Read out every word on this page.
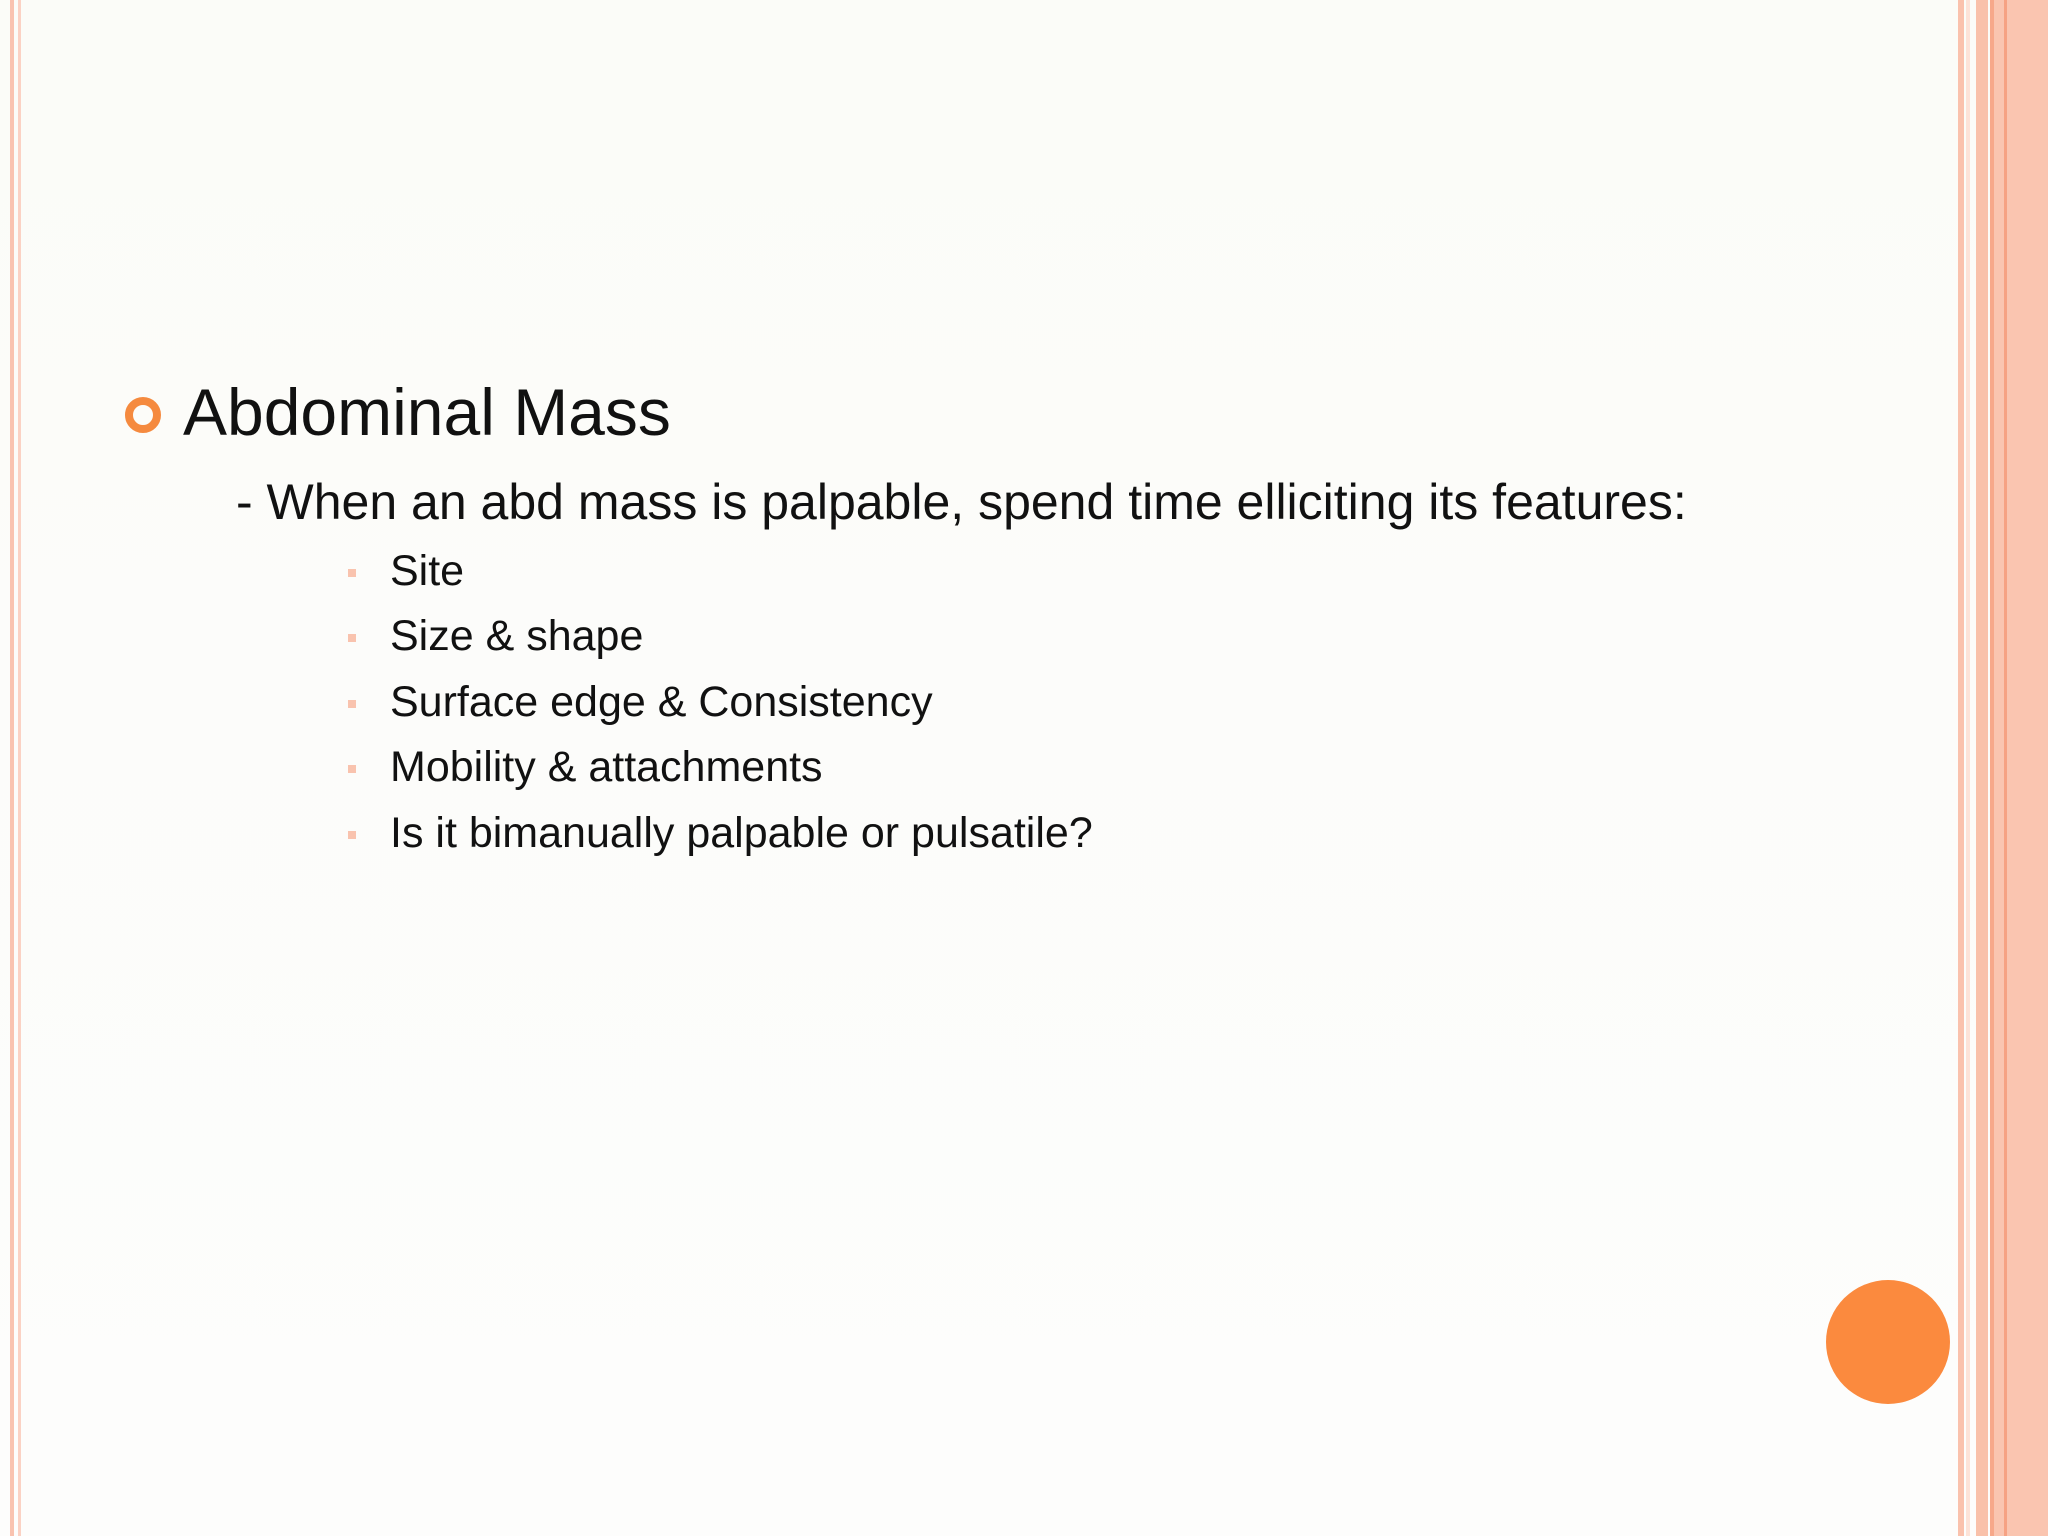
Abdominal Mass
- When an abd mass is palpable, spend time elliciting its features:
Site
Size & shape
Surface edge & Consistency
Mobility & attachments
Is it bimanually palpable or pulsatile?
